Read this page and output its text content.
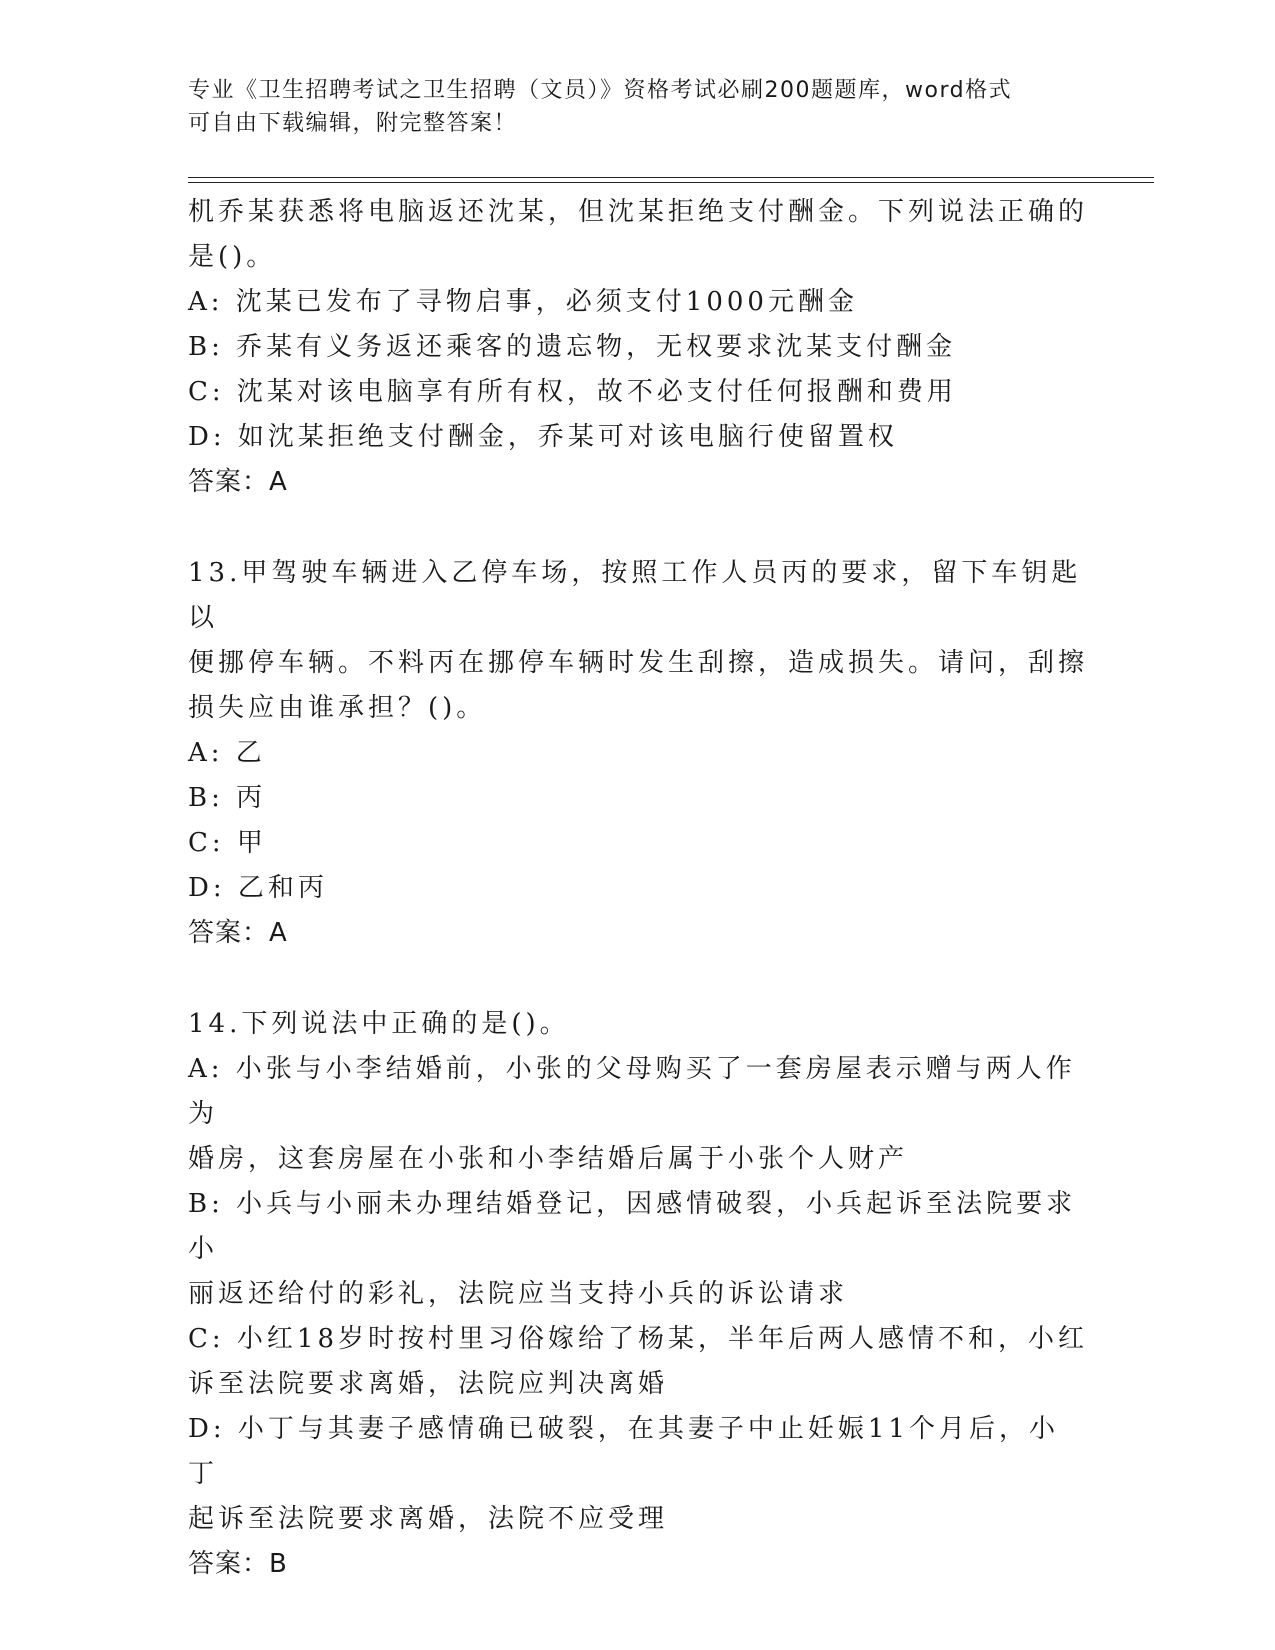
专业《卫生招聘考试之卫生招聘（文员）》资格考试必刷200题题库，word格式
可自由下载编辑，附完整答案！

机乔某获悉将电脑返还沈某，但沈某拒绝支付酬金。下列说法正确的

是()。

A: 沈某已发布了寻物启事，必须支付1000元酬金

B: 乔某有义务返还乘客的遗忘物，无权要求沈某支付酬金

C: 沈某对该电脑享有所有权，故不必支付任何报酬和费用

D: 如沈某拒绝支付酬金，乔某可对该电脑行使留置权

答案：A

13.甲驾驶车辆进入乙停车场，按照工作人员丙的要求，留下车钥匙以

便挪停车辆。不料丙在挪停车辆时发生刮擦，造成损失。请问，刮擦

损失应由谁承担？()。

A: 乙

B: 丙

C: 甲

D: 乙和丙

答案：A

14.下列说法中正确的是()。

A: 小张与小李结婚前，小张的父母购买了一套房屋表示赠与两人作为

婚房，这套房屋在小张和小李结婚后属于小张个人财产

B: 小兵与小丽未办理结婚登记，因感情破裂，小兵起诉至法院要求小

丽返还给付的彩礼，法院应当支持小兵的诉讼请求

C: 小红18岁时按村里习俗嫁给了杨某，半年后两人感情不和，小红

诉至法院要求离婚，法院应判决离婚

D: 小丁与其妻子感情确已破裂，在其妻子中止妊娠11个月后，小丁

起诉至法院要求离婚，法院不应受理

答案：B
